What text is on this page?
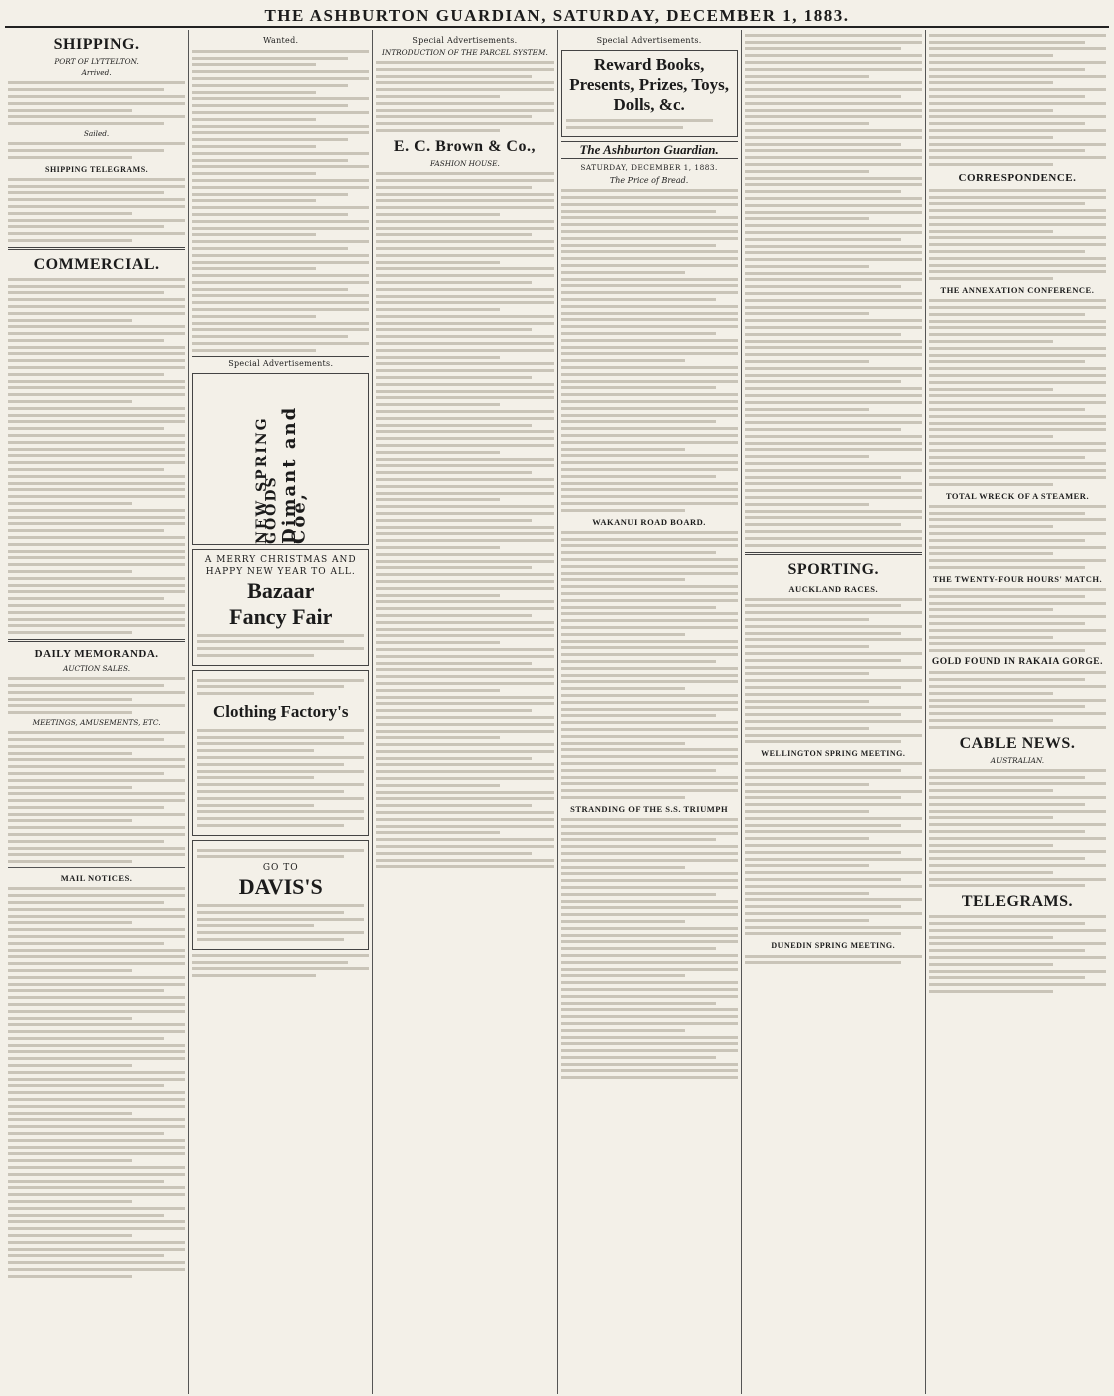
THE ASHBURTON GUARDIAN, SATURDAY, DECEMBER 1, 1883.
SHIPPING.
PORT OF LYTTELTON.
Arrived.
Sailed.
SHIPPING TELEGRAMS.
COMMERCIAL.
DAILY MEMORANDA.
AUCTION SALES.
MEETINGS, AMUSEMENTS, ETC.
MAIL NOTICES.
Wanted.
Special Advertisements.
NEW SPRING GOODS Dimant and Coe,
A MERRY CHRISTMAS AND HAPPY NEW YEAR TO ALL.
Bazaar
Fancy Fair
Clothing Factory's
GO TO
DAVIS'S
Special Advertisements.
INTRODUCTION OF THE PARCEL SYSTEM.
E. C. Brown & Co.,
FASHION HOUSE.
Special Advertisements.
Reward Books, Presents, Prizes, Toys, Dolls, &c.
The Ashburton Guardian.
SATURDAY, DECEMBER 1, 1883.
The Price of Bread.
WAKANUI ROAD BOARD.
STRANDING OF THE S.S. TRIUMPH
SPORTING.
AUCKLAND RACES.
WELLINGTON SPRING MEETING.
DUNEDIN SPRING MEETING.
CORRESPONDENCE.
THE ANNEXATION CONFERENCE.
TOTAL WRECK OF A STEAMER.
THE TWENTY-FOUR HOURS' MATCH.
GOLD FOUND IN RAKAIA GORGE.
CABLE NEWS.
AUSTRALIAN.
TELEGRAMS.
